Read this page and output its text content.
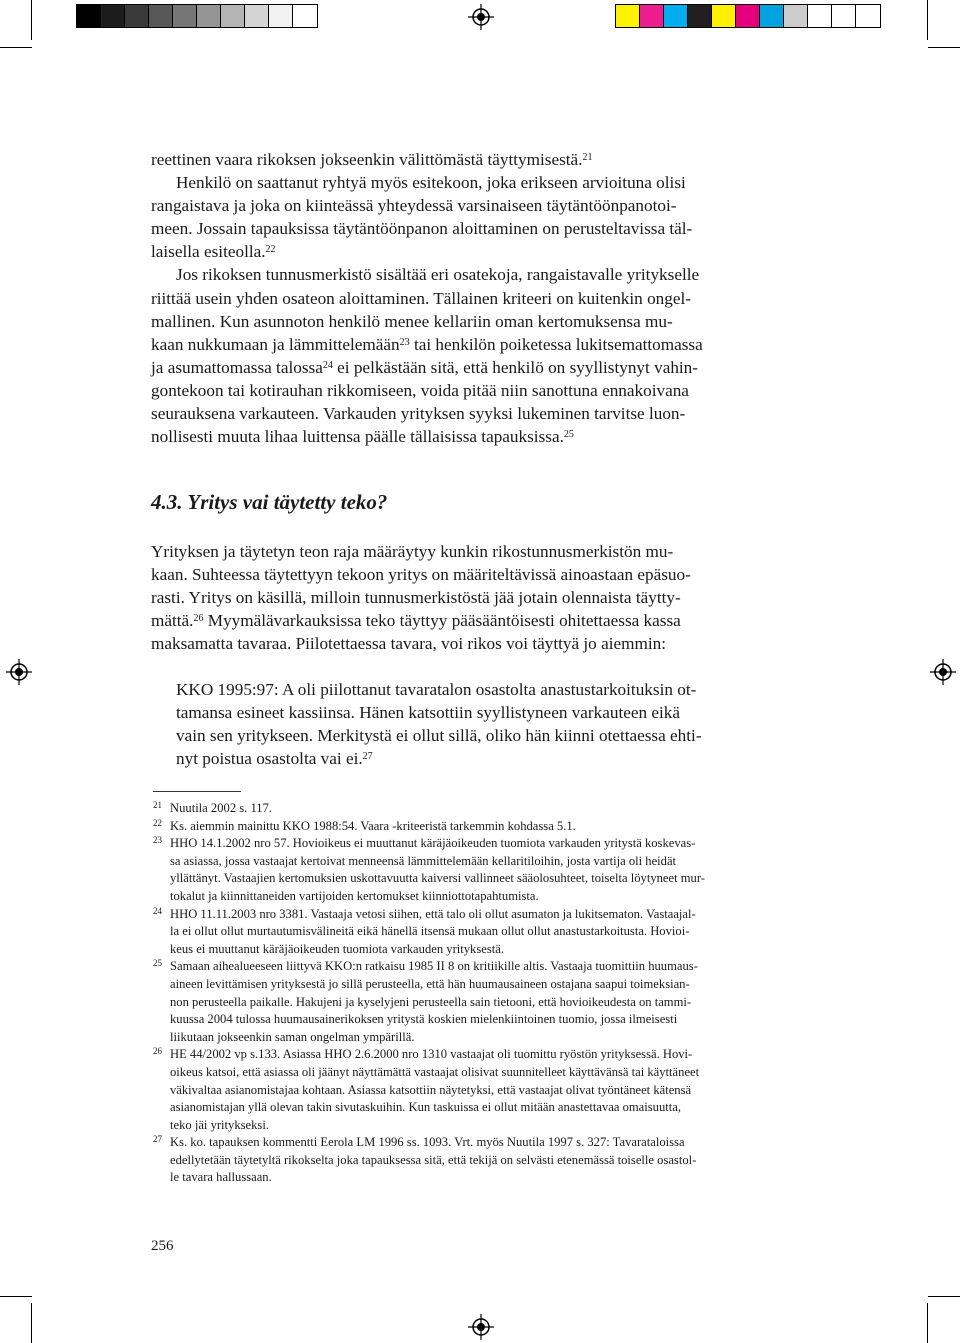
reettinen vaara rikoksen jokseenkin välittömästä täyttymisestä.$^{21}$
Henkilö on saattanut ryhtyä myös esitekoon, joka erikseen arvioituna olisi
rangaistava ja joka on kiinteässä yhteydessä varsinaiseen täytäntöönpanotoi-
meen. Jossain tapauksissa täytäntöönpanon aloittaminen on perusteltavissa täl-
laisella esiteolla.$^{22}$
Jos rikoksen tunnusmerkistö sisältää eri osatekoja, rangaistavalle yritykselle
riittää usein yhden osateon aloittaminen. Tällainen kriteeri on kuitenkin ongel-
mallinen. Kun asunnoton henkilö menee kellariin oman kertomuksensa mu-
kaan nukkumaan ja lämmittelemään$^{23}$ tai henkilön poiketessa lukitsemattomassa
ja asumattomassa talossa$^{24}$ ei pelkästään sitä, että henkilö on syyllistynyt vahin-
gontekoon tai kotirauhan rikkomiseen, voida pitää niin sanottuna ennakoivana
seurauksena varkauteen. Varkauden yrityksen syyksi lukeminen tarvitse luon-
nollisesti muuta lihaa luittensa päälle tällaisissa tapauksissa.$^{25}$

4.3. Yritys vai täytetty teko?

Yrityksen ja täytetyn teon raja määräytyy kunkin rikostunnusmerkistön mu-
kaan. Suhteessa täytettyyn tekoon yritys on määriteltävissä ainoastaan epäsuo-
rasti. Yritys on käsillä, milloin tunnusmerkistöstä jää jotain olennaista täytty-
mättä.$^{26}$ Myymälävarkauksissa teko täyttyy pääsääntöisesti ohitettaessa kassa
maksamatta tavaraa. Piilotettaessa tavara, voi rikos voi täyttyä jo aiemmin:

KKO 1995:97: A oli piilottanut tavaratalon osastolta anastustarkoituksin ot-
tamansa esineet kassiinsa. Hänen katsottiin syyllistyneen varkauteen eikä
vain sen yritykseen. Merkitystä ei ollut sillä, oliko hän kiinni otettaessa ehti-
nyt poistua osastolta vai ei.$^{27}$

21 Nuutila 2002 s. 117.
22 Ks. aiemmin mainittu KKO 1988:54. Vaara -kriteeristä tarkemmin kohdassa 5.1.
23 HHO 14.1.2002 nro 57. Hovioikeus ei muuttanut käräjäoikeuden tuomiota varkauden yritystä koskevas-
sa asiassa, jossa vastaajat kertoivat menneensä lämmittelemään kellaritiloihin, josta vartija oli heidät
yllättänyt. Vastaajien kertomuksien uskottavuutta kaiversi vallinneet sääolosuhteet, toiselta löytyneet mur-
tokalut ja kiinnittaneiden vartijoiden kertomukset kiinniottotapahtumista.
24 HHO 11.11.2003 nro 3381. Vastaaja vetosi siihen, että talo oli ollut asumaton ja lukitsematon. Vastaajal-
la ei ollut ollut murtautumisvälineitä eikä hänellä itsensä mukaan ollut ollut anastustarkoitusta. Hovioi-
keus ei muuttanut käräjäoikeuden tuomiota varkauden yrityksestä.
25 Samaan aihealueeseen liittyvä KKO:n ratkaisu 1985 II 8 on kritiikille altis. Vastaaja tuomittiin huumaus-
aineen levittämisen yrityksestä jo sillä perusteella, että hän huumausaineen ostajana saapui toimeksian-
non perusteella paikalle. Hakujeni ja kyselyjeni perusteella sain tietooni, että hovioikeudesta on tammi-
kuussa 2004 tulossa huumausainerikoksen yritystä koskien mielenkiintoinen tuomio, jossa ilmeisesti
liikutaan jokseenkin saman ongelman ympärillä.
26 HE 44/2002 vp s.133. Asiassa HHO 2.6.2000 nro 1310 vastaajat oli tuomittu ryöstön yrityksessä. Hovi-
oikeus katsoi, että asiassa oli jäänyt näyttämättä vastaajat olisivat suunnitelleet käyttävänsä tai käyttäneet
väkivaltaa asianomistajaa kohtaan. Asiassa katsottiin näytetyksi, että vastaajat olivat työntäneet kätensä
asianomistajan yllä olevan takin sivutaskuihin. Kun taskuissa ei ollut mitään anastettavaa omaisuutta,
teko jäi yritykseksi.
27 Ks. ko. tapauksen kommentti Eerola LM 1996 ss. 1093. Vrt. myös Nuutila 1997 s. 327: Tavarataloissa
edellytetään täytetyltä rikokselta joka tapauksessa sitä, että tekijä on selvästi etenemässä toiselle osastol-
le tavara hallussaan.
256
